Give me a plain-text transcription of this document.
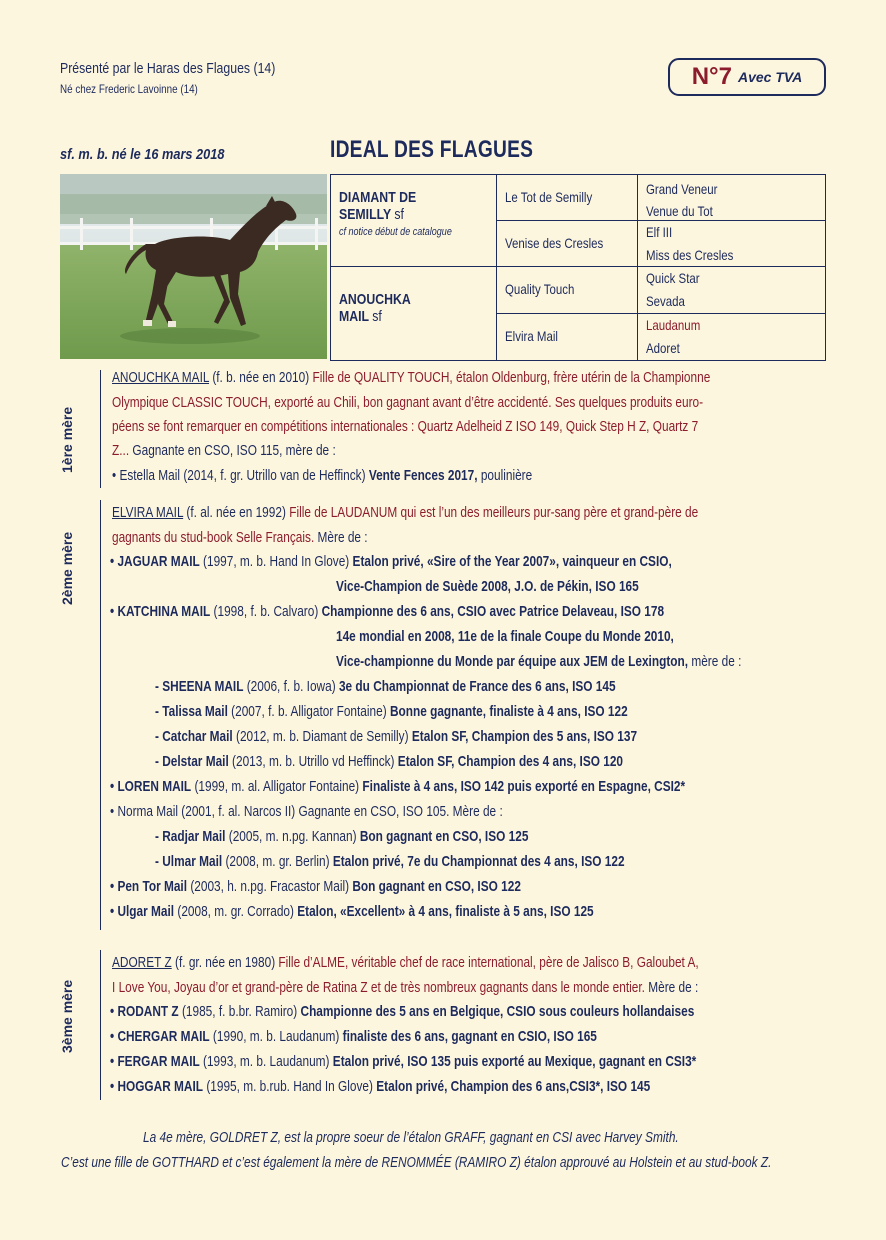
Présenté par le Haras des Flagues (14)
Né chez Frederic Lavoinne (14)	N°7 Avec TVA
sf. m. b. né le 16 mars 2018	IDEAL DES FLAGUES
DIAMANT DE
SEMILLY sf
cf notice début de catalogue
ANOUCHKA
MAIL sf
Le Tot de Semilly
Venise des Cresles
Quality Touch
Elvira Mail
Grand Veneur
Venue du Tot
Elf III
Miss des Cresles
Quick Star
Sevada
Laudanum
Adoret
1ère mère
2ème mère
3ème mère
ANOUCHKA MAIL (f. b. née en 2010) Fille de QUALITY TOUCH, étalon Oldenburg, frère utérin de la Championne
Olympique CLASSIC TOUCH, exporté au Chili, bon gagnant avant d’être accidenté. Ses quelques produits euro-
péens se font remarquer en compétitions internationales : Quartz Adelheid Z ISO 149, Quick Step H Z, Quartz 7
Z... Gagnante en CSO, ISO 115, mère de :
• Estella Mail (2014, f. gr. Utrillo van de Heffinck) Vente Fences 2017, poulinière
ELVIRA MAIL (f. al. née en 1992) Fille de LAUDANUM qui est l’un des meilleurs pur-sang père et grand-père de
gagnants du stud-book Selle Français. Mère de :
• JAGUAR MAIL (1997, m. b. Hand In Glove) Etalon privé, «Sire of the Year 2007», vainqueur en CSIO,
Vice-Champion de Suède 2008, J.O. de Pékin, ISO 165
• KATCHINA MAIL (1998, f. b. Calvaro) Championne des 6 ans, CSIO avec Patrice Delaveau, ISO 178
14e mondial en 2008, 11e de la finale Coupe du Monde 2010,
Vice-championne du Monde par équipe aux JEM de Lexington, mère de :
- SHEENA MAIL (2006, f. b. Iowa) 3e du Championnat de France des 6 ans, ISO 145
- Talissa Mail (2007, f. b. Alligator Fontaine) Bonne gagnante, finaliste à 4 ans, ISO 122
- Catchar Mail (2012, m. b. Diamant de Semilly) Etalon SF, Champion des 5 ans, ISO 137
- Delstar Mail (2013, m. b. Utrillo vd Heffinck) Etalon SF, Champion des 4 ans, ISO 120
• LOREN MAIL (1999, m. al. Alligator Fontaine) Finaliste à 4 ans, ISO 142 puis exporté en Espagne, CSI2*
• Norma Mail (2001, f. al. Narcos II) Gagnante en CSO, ISO 105. Mère de :
- Radjar Mail (2005, m. n.pg. Kannan) Bon gagnant en CSO, ISO 125
- Ulmar Mail (2008, m. gr. Berlin) Etalon privé, 7e du Championnat des 4 ans, ISO 122
• Pen Tor Mail (2003, h. n.pg. Fracastor Mail) Bon gagnant en CSO, ISO 122
• Ulgar Mail (2008, m. gr. Corrado) Etalon, «Excellent» à 4 ans, finaliste à 5 ans, ISO 125
ADORET Z (f. gr. née en 1980) Fille d’ALME, véritable chef de race international, père de Jalisco B, Galoubet A,
I Love You, Joyau d’or et grand-père de Ratina Z et de très nombreux gagnants dans le monde entier. Mère de :
• RODANT Z (1985, f. b.br. Ramiro) Championne des 5 ans en Belgique, CSIO sous couleurs hollandaises
• CHERGAR MAIL (1990, m. b. Laudanum) finaliste des 6 ans, gagnant en CSIO, ISO 165
• FERGAR MAIL (1993, m. b. Laudanum) Etalon privé, ISO 135 puis exporté au Mexique, gagnant en CSI3*
• HOGGAR MAIL (1995, m. b.rub. Hand In Glove) Etalon privé, Champion des 6 ans,CSI3*, ISO 145
La 4e mère, GOLDRET Z, est la propre soeur de l’étalon GRAFF, gagnant en CSI avec Harvey Smith.
C’est une fille de GOTTHARD et c’est également la mère de RENOMMÉE (RAMIRO Z) étalon approuvé au Holstein et au stud-book Z.
